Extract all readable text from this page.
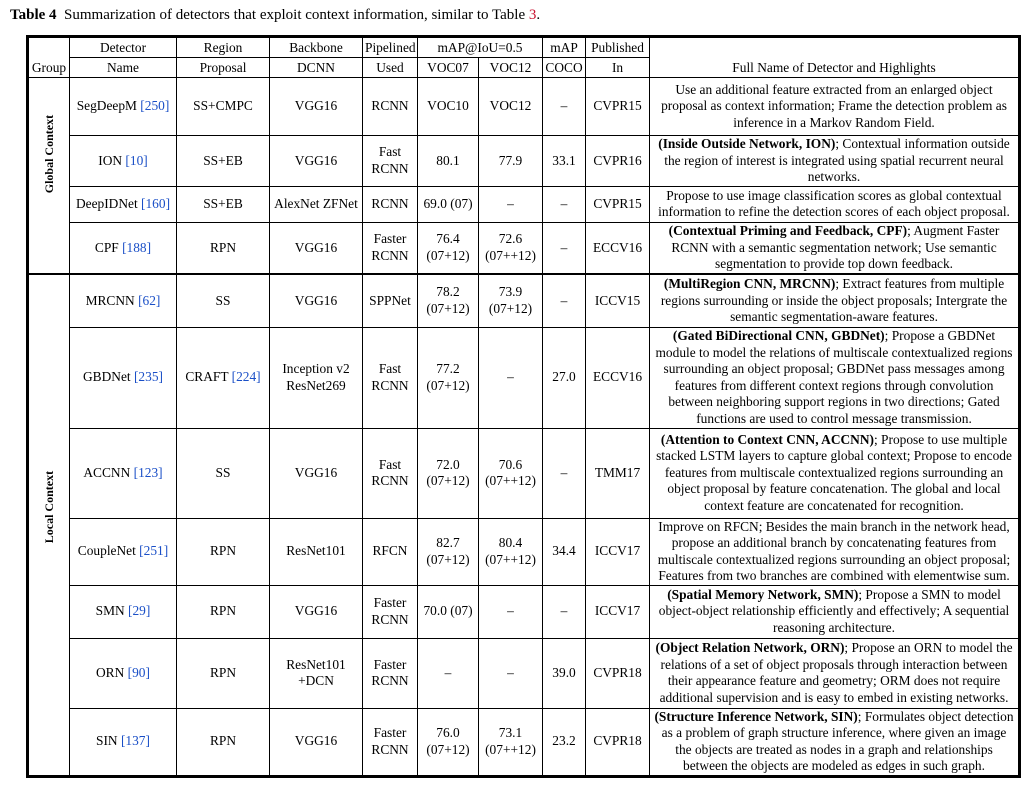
Table 4 Summarization of detectors that exploit context information, similar to Table 3.
Group	Detector	Region	Backbone	Pipelined	mAP@IoU=0.5		mAP	Published	Full Name of Detector and Highlights
	Name	Proposal	DCNN	Used	VOC07	VOC12	COCO	In	

Global Context	SegDeepM [250]	SS+CMPC	VGG16	RCNN	VOC10	VOC12	–	CVPR15	Use an additional feature extracted from an enlarged object proposal as context information; Frame the detection problem as inference in a Markov Random Field.
	ION [10]	SS+EB	VGG16	Fast RCNN	80.1	77.9	33.1	CVPR16	(Inside Outside Network, ION); Contextual information outside the region of interest is integrated using spatial recurrent neural networks.
	DeepIDNet [160]	SS+EB	AlexNet ZFNet	RCNN	69.0 (07)	–	–	CVPR15	Propose to use image classification scores as global contextual information to refine the detection scores of each object proposal.
	CPF [188]	RPN	VGG16	Faster RCNN	76.4 (07+12)	72.6 (07++12)	–	ECCV16	(Contextual Priming and Feedback, CPF); Augment Faster RCNN with a semantic segmentation network; Use semantic segmentation to provide top down feedback.

Local Context	MRCNN [62]	SS	VGG16	SPPNet	78.2 (07+12)	73.9 (07+12)	–	ICCV15	(MultiRegion CNN, MRCNN); Extract features from multiple regions surrounding or inside the object proposals; Intergrate the semantic segmentation-aware features.
	GBDNet [235]	CRAFT [224]	Inception v2 ResNet269	Fast RCNN	77.2 (07+12)	–	27.0	ECCV16	(Gated BiDirectional CNN, GBDNet); Propose a GBDNet module to model the relations of multiscale contextualized regions surrounding an object proposal; GBDNet pass messages among features from different context regions through convolution between neighboring support regions in two directions; Gated functions are used to control message transmission.
	ACCNN [123]	SS	VGG16	Fast RCNN	72.0 (07+12)	70.6 (07++12)	–	TMM17	(Attention to Context CNN, ACCNN); Propose to use multiple stacked LSTM layers to capture global context; Propose to encode features from multiscale contextualized regions surrounding an object proposal by feature concatenation. The global and local context feature are concatenated for recognition.
	CoupleNet [251]	RPN	ResNet101	RFCN	82.7 (07+12)	80.4 (07++12)	34.4	ICCV17	Improve on RFCN; Besides the main branch in the network head, propose an additional branch by concatenating features from multiscale contextualized regions surrounding an object proposal; Features from two branches are combined with elementwise sum.
	SMN [29]	RPN	VGG16	Faster RCNN	70.0 (07)	–	–	ICCV17	(Spatial Memory Network, SMN); Propose a SMN to model object-object relationship efficiently and effectively; A sequential reasoning architecture.
	ORN [90]	RPN	ResNet101 +DCN	Faster RCNN	–	–	39.0	CVPR18	(Object Relation Network, ORN); Propose an ORN to model the relations of a set of object proposals through interaction between their appearance feature and geometry; ORM does not require additional supervision and is easy to embed in existing networks.
	SIN [137]	RPN	VGG16	Faster RCNN	76.0 (07+12)	73.1 (07++12)	23.2	CVPR18	(Structure Inference Network, SIN); Formulates object detection as a problem of graph structure inference, where given an image the objects are treated as nodes in a graph and relationships between the objects are modeled as edges in such graph.
